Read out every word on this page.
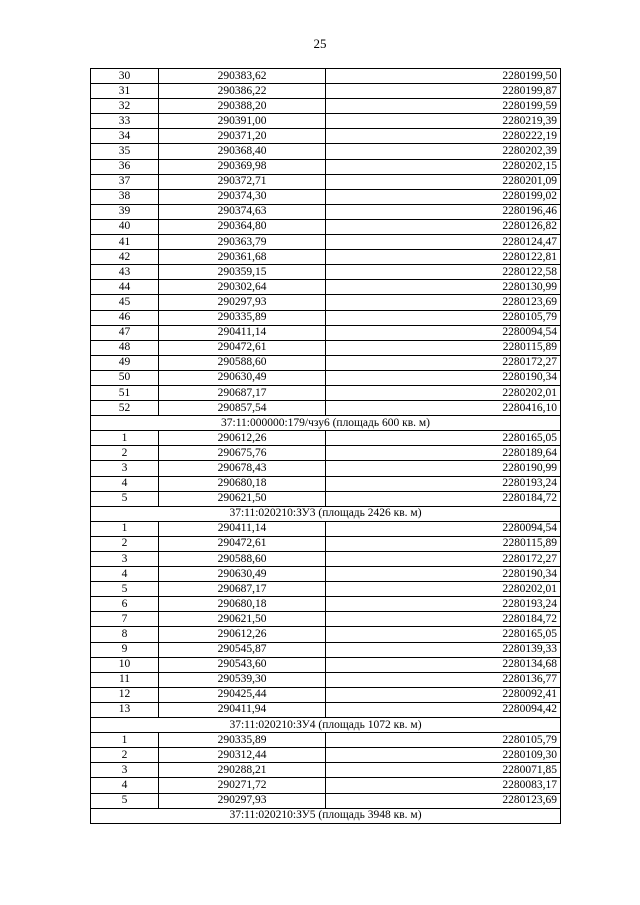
25
30	290383,62	2280199,50
31	290386,22	2280199,87
32	290388,20	2280199,59
33	290391,00	2280219,39
34	290371,20	2280222,19
35	290368,40	2280202,39
36	290369,98	2280202,15
37	290372,71	2280201,09
38	290374,30	2280199,02
39	290374,63	2280196,46
40	290364,80	2280126,82
41	290363,79	2280124,47
42	290361,68	2280122,81
43	290359,15	2280122,58
44	290302,64	2280130,99
45	290297,93	2280123,69
46	290335,89	2280105,79
47	290411,14	2280094,54
48	290472,61	2280115,89
49	290588,60	2280172,27
50	290630,49	2280190,34
51	290687,17	2280202,01
52	290857,54	2280416,10
37:11:000000:179/чзу6 (площадь 600 кв. м)		
1	290612,26	2280165,05
2	290675,76	2280189,64
3	290678,43	2280190,99
4	290680,18	2280193,24
5	290621,50	2280184,72
37:11:020210:ЗУ3 (площадь 2426 кв. м)		
1	290411,14	2280094,54
2	290472,61	2280115,89
3	290588,60	2280172,27
4	290630,49	2280190,34
5	290687,17	2280202,01
6	290680,18	2280193,24
7	290621,50	2280184,72
8	290612,26	2280165,05
9	290545,87	2280139,33
10	290543,60	2280134,68
11	290539,30	2280136,77
12	290425,44	2280092,41
13	290411,94	2280094,42
37:11:020210:ЗУ4 (площадь 1072 кв. м)		
1	290335,89	2280105,79
2	290312,44	2280109,30
3	290288,21	2280071,85
4	290271,72	2280083,17
5	290297,93	2280123,69
37:11:020210:ЗУ5 (площадь 3948 кв. м)		
